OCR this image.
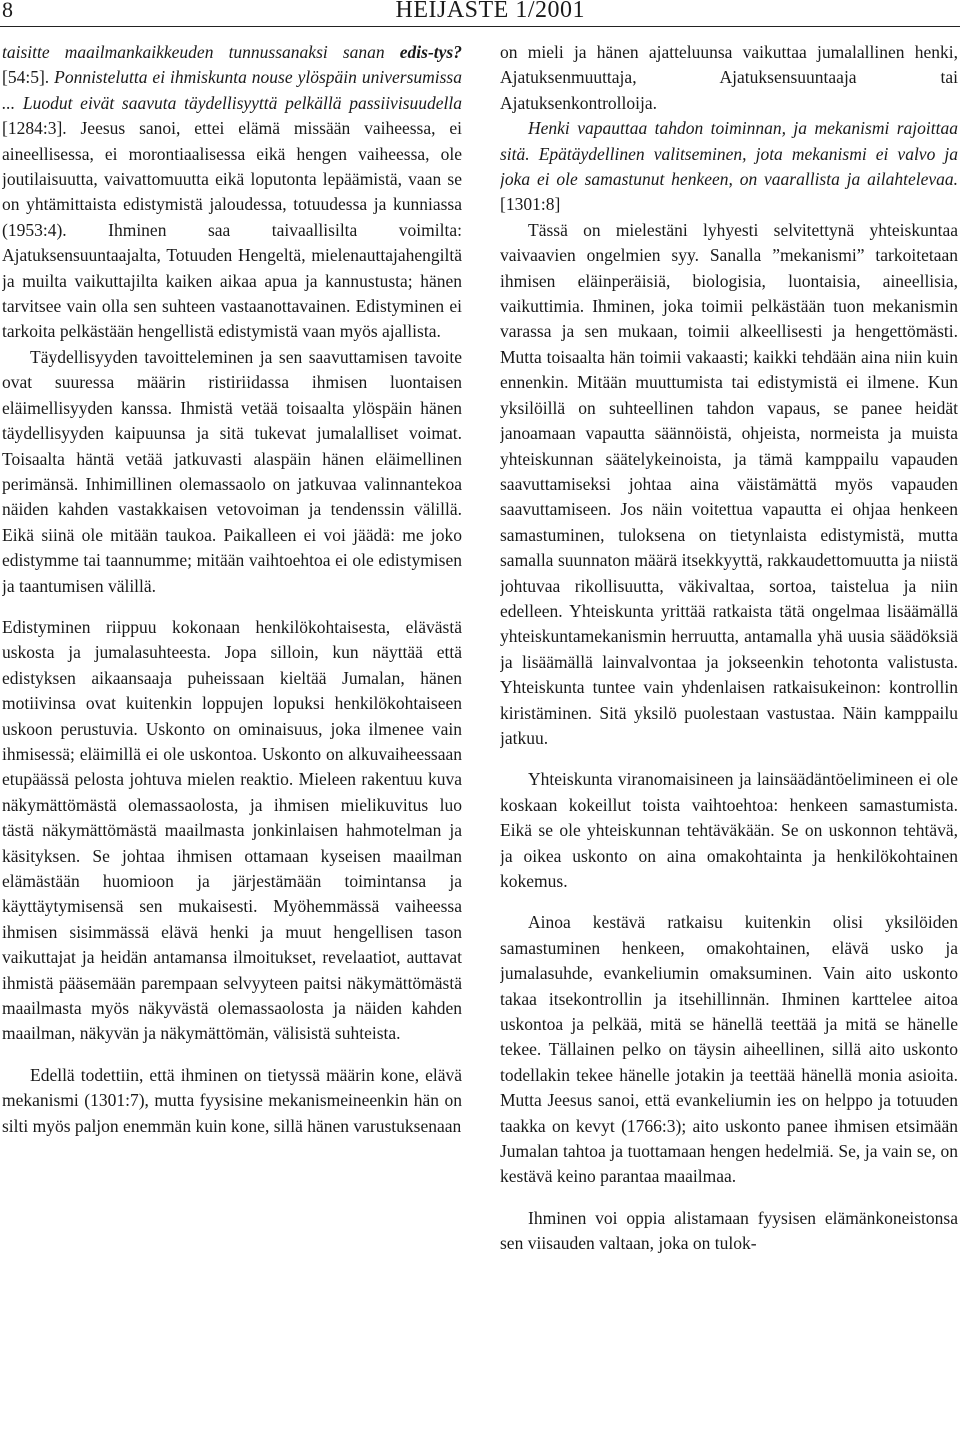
8	HEIJASTE 1/2001

taisitte maailmankaikkeuden tunnussanaksi sanan edis-tys? [54:5]. Ponnistelutta ei ihmiskunta nouse ylöspäin universumissa ... Luodut eivät saavuta täydellisyyttä pelkällä passiivisuudella [1284:3]. Jeesus sanoi, ettei elämä missään vaiheessa, ei aineellisessa, ei morontiaalisessa eikä hengen vaiheessa, ole joutilaisuutta, vaivattomuutta eikä loputonta lepäämistä, vaan se on yhtämittaista edistymistä jaloudessa, totuudessa ja kunniassa (1953:4). Ihminen saa taivaallisilta voimilta: Ajatuksensuuntaajalta, Totuuden Hengeltä, mielenauttajahengiltä ja muilta vaikuttajilta kaiken aikaa apua ja kannustusta; hänen tarvitsee vain olla sen suhteen vastaanottavainen. Edistyminen ei tarkoita pelkästään hengellistä edistymistä vaan myös ajallista.

Täydellisyyden tavoitteleminen ja sen saavuttamisen tavoite ovat suuressa määrin ristiriidassa ihmisen luontaisen eläimellisyyden kanssa. Ihmistä vetää toisaalta ylöspäin hänen täydellisyyden kaipuunsa ja sitä tukevat jumalalliset voimat. Toisaalta häntä vetää jatkuvasti alaspäin hänen eläimellinen perimänsä. Inhimillinen olemassaolo on jatkuvaa valinnantekoa näiden kahden vastakkaisen vetovoiman ja tendenssin välillä. Eikä siinä ole mitään taukoa. Paikalleen ei voi jäädä: me joko edistymme tai taannumme; mitään vaihtoehtoa ei ole edistymisen ja taantumisen välillä.

Edistyminen riippuu kokonaan henkilökohtaisesta, elävästä uskosta ja jumalasuhteesta. Jopa silloin, kun näyttää että edistyksen aikaansaaja puheissaan kieltää Jumalan, hänen motiivinsa ovat kuitenkin loppujen lopuksi henkilökohtaiseen uskoon perustuvia. Uskonto on ominaisuus, joka ilmenee vain ihmisessä; eläimillä ei ole uskontoa. Uskonto on alkuvaiheessaan etupäässä pelosta johtuva mielen reaktio. Mieleen rakentuu kuva näkymättömästä olemassaolosta, ja ihmisen mielikuvitus luo tästä näkymättömästä maailmasta jonkinlaisen hahmotelman ja käsityksen. Se johtaa ihmisen ottamaan kyseisen maailman elämästään huomioon ja järjestämään toimintansa ja käyttäytymisensä sen mukaisesti. Myöhemmässä vaiheessa ihmisen sisimmässä elävä henki ja muut hengellisen tason vaikuttajat ja heidän antamansa ilmoitukset, revelaatiot, auttavat ihmistä pääsemään parempaan selvyyteen paitsi näkymättömästä maailmasta myös näkyvästä olemassaolosta ja näiden kahden maailman, näkyvän ja näkymättömän, välisistä suhteista.

Edellä todettiin, että ihminen on tietyssä määrin kone, elävä mekanismi (1301:7), mutta fyysisine mekanismeineenkin hän on silti myös paljon enemmän kuin kone, sillä hänen varustuksenaan

on mieli ja hänen ajatteluunsa vaikuttaa jumalallinen henki, Ajatuksenmuuttaja, Ajatuksensuuntaaja tai Ajatuksenkontrolloija.

Henki vapauttaa tahdon toiminnan, ja mekanismi rajoittaa sitä. Epätäydellinen valitseminen, jota mekanismi ei valvo ja joka ei ole samastunut henkeen, on vaarallista ja ailahtelevaa. [1301:8]

Tässä on mielestäni lyhyesti selvitettynä yhteiskuntaa vaivaavien ongelmien syy. Sanalla ”mekanismi” tarkoitetaan ihmisen eläinperäisiä, biologisia, luontaisia, aineellisia, vaikuttimia. Ihminen, joka toimii pelkästään tuon mekanismin varassa ja sen mukaan, toimii alkeellisesti ja hengettömästi. Mutta toisaalta hän toimii vakaasti; kaikki tehdään aina niin kuin ennenkin. Mitään muuttumista tai edistymistä ei ilmene. Kun yksilöillä on suhteellinen tahdon vapaus, se panee heidät janoamaan vapautta säännöistä, ohjeista, normeista ja muista yhteiskunnan säätelykeinoista, ja tämä kamppailu vapauden saavuttamiseksi johtaa aina väistämättä myös vapauden saavuttamiseen. Jos näin voitettua vapautta ei ohjaa henkeen samastuminen, tuloksena on tietynlaista edistymistä, mutta samalla suunnaton määrä itsekkyyttä, rakkaudettomuutta ja niistä johtuvaa rikollisuutta, väkivaltaa, sortoa, taistelua ja niin edelleen. Yhteiskunta yrittää ratkaista tätä ongelmaa lisäämällä yhteiskuntamekanismin herruutta, antamalla yhä uusia säädöksiä ja lisäämällä lainvalvontaa ja jokseenkin tehotonta valistusta. Yhteiskunta tuntee vain yhdenlaisen ratkaisukeinon: kontrollin kiristäminen. Sitä yksilö puolestaan vastustaa. Näin kamppailu jatkuu.

Yhteiskunta viranomaisineen ja lainsäädäntöelimineen ei ole koskaan kokeillut toista vaihtoehtoa: henkeen samastumista. Eikä se ole yhteiskunnan tehtäväkään. Se on uskonnon tehtävä, ja oikea uskonto on aina omakohtainta ja henkilökohtainen kokemus.

Ainoa kestävä ratkaisu kuitenkin olisi yksilöiden samastuminen henkeen, omakohtainen, elävä usko ja jumalasuhde, evankeliumin omaksuminen. Vain aito uskonto takaa itsekontrollin ja itsehillinnän. Ihminen karttelee aitoa uskontoa ja pelkää, mitä se hänellä teettää ja mitä se hänelle tekee. Tällainen pelko on täysin aiheellinen, sillä aito uskonto todellakin tekee hänelle jotakin ja teettää hänellä monia asioita. Mutta Jeesus sanoi, että evankeliumin ies on helppo ja totuuden taakka on kevyt (1766:3); aito uskonto panee ihmisen etsimään Jumalan tahtoa ja tuottamaan hengen hedelmiä. Se, ja vain se, on kestävä keino parantaa maailmaa.

Ihminen voi oppia alistamaan fyysisen elämänkoneistonsa sen viisauden valtaan, joka on tulok-
